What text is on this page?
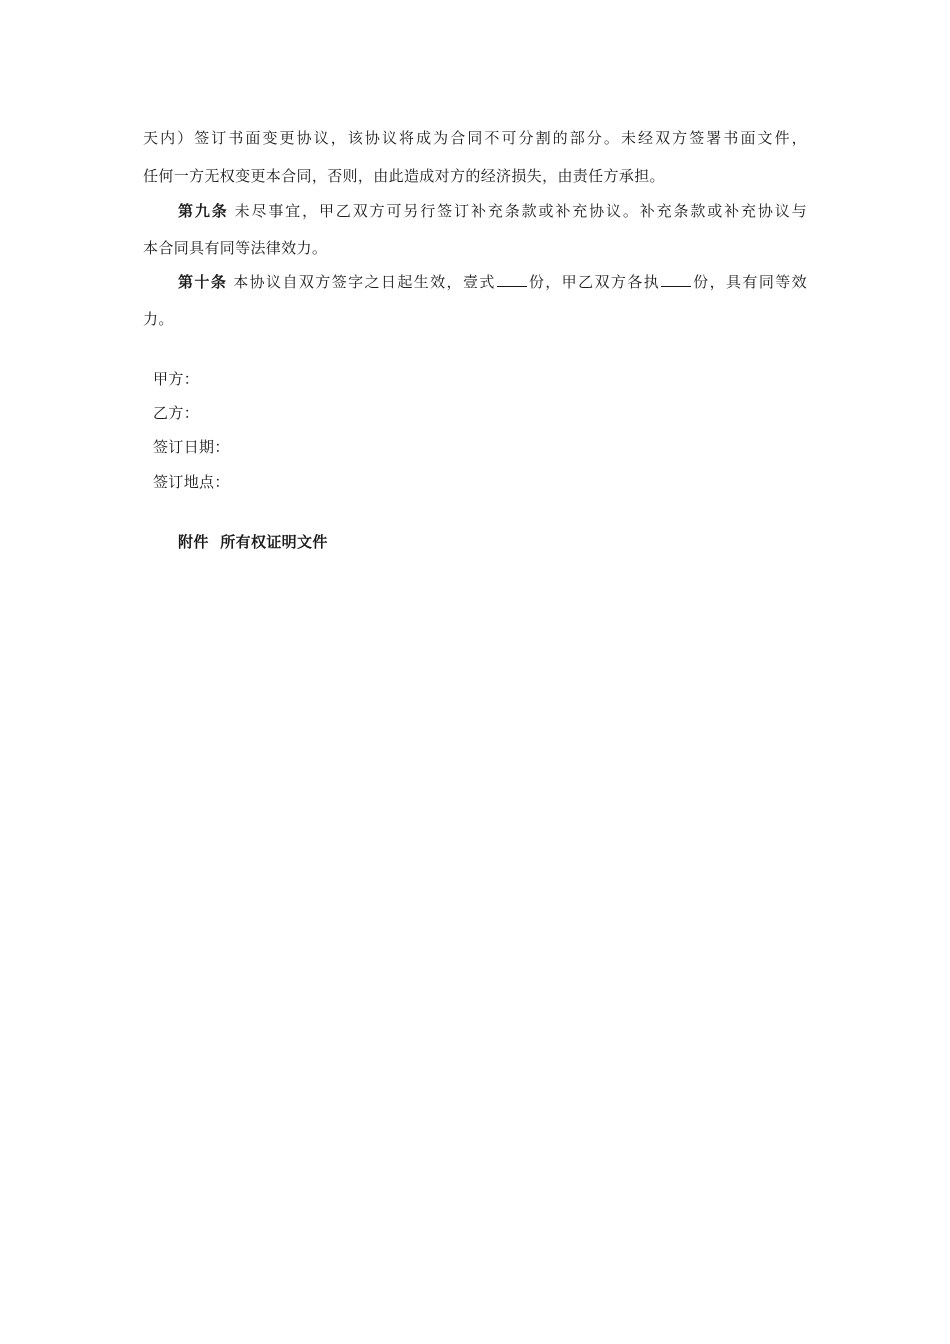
天内）签订书面变更协议，该协议将成为合同不可分割的部分。未经双方签署书面文件，
任何一方无权变更本合同，否则，由此造成对方的经济损失，由责任方承担。
第九条 未尽事宜，甲乙双方可另行签订补充条款或补充协议。补充条款或补充协议与
本合同具有同等法律效力。
第十条 本协议自双方签字之日起生效，壹式 份，甲乙双方各执 份，具有同等效
力。
甲方：
乙方：
签订日期：
签订地点：
附件 所有权证明文件
